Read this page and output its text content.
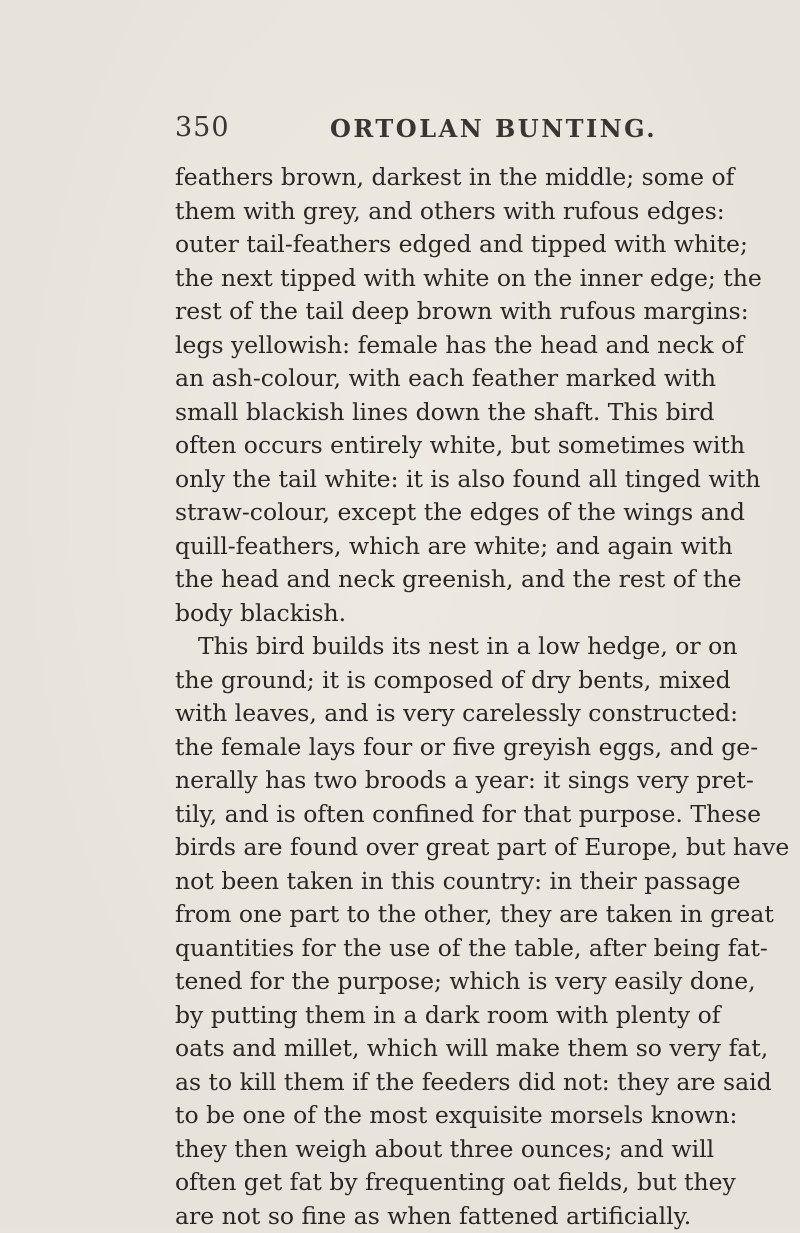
350	ORTOLAN BUNTING.
feathers brown, darkest in the middle; some of
them with grey, and others with rufous edges:
outer tail-feathers edged and tipped with white;
the next tipped with white on the inner edge; the
rest of the tail deep brown with rufous margins:
legs yellowish: female has the head and neck of
an ash-colour, with each feather marked with
small blackish lines down the shaft. This bird
often occurs entirely white, but sometimes with
only the tail white: it is also found all tinged with
straw-colour, except the edges of the wings and
quill-feathers, which are white; and again with
the head and neck greenish, and the rest of the
body blackish.
This bird builds its nest in a low hedge, or on
the ground; it is composed of dry bents, mixed
with leaves, and is very carelessly constructed:
the female lays four or five greyish eggs, and ge-
nerally has two broods a year: it sings very pret-
tily, and is often confined for that purpose. These
birds are found over great part of Europe, but have
not been taken in this country: in their passage
from one part to the other, they are taken in great
quantities for the use of the table, after being fat-
tened for the purpose; which is very easily done,
by putting them in a dark room with plenty of
oats and millet, which will make them so very fat,
as to kill them if the feeders did not: they are said
to be one of the most exquisite morsels known:
they then weigh about three ounces; and will
often get fat by frequenting oat fields, but they
are not so fine as when fattened artificially.
